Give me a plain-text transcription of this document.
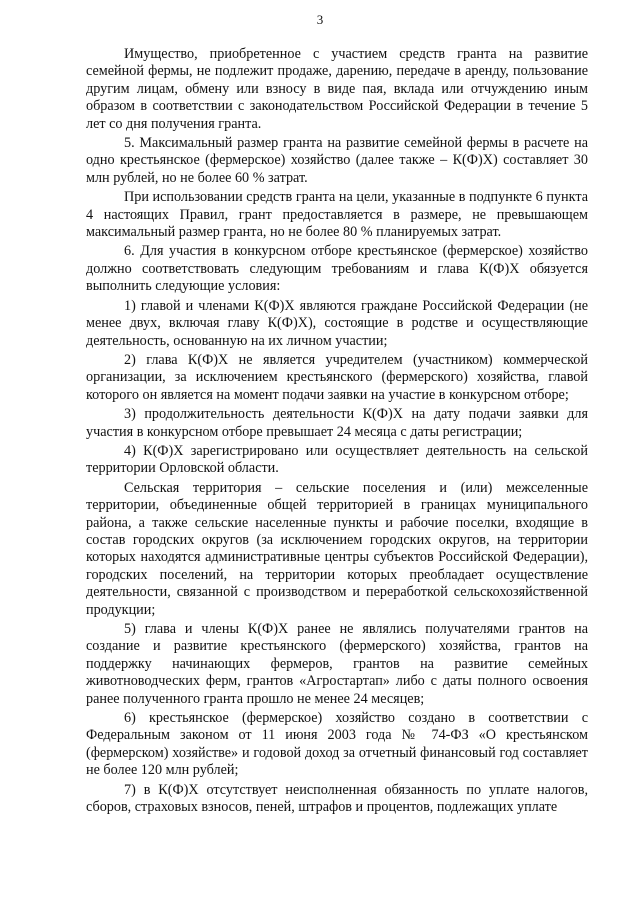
3

Имущество, приобретенное с участием средств гранта на развитие семейной фермы, не подлежит продаже, дарению, передаче в аренду, пользование другим лицам, обмену или взносу в виде пая, вклада или отчуждению иным образом в соответствии с законодательством Российской Федерации в течение 5 лет со дня получения гранта.

5. Максимальный размер гранта на развитие семейной фермы в расчете на одно крестьянское (фермерское) хозяйство (далее также – К(Ф)Х) составляет 30 млн рублей, но не более 60 % затрат.

При использовании средств гранта на цели, указанные в подпункте 6 пункта 4 настоящих Правил, грант предоставляется в размере, не превышающем максимальный размер гранта, но не более 80 % планируемых затрат.

6. Для участия в конкурсном отборе крестьянское (фермерское) хозяйство должно соответствовать следующим требованиям и глава К(Ф)Х обязуется выполнить следующие условия:

1) главой и членами К(Ф)Х являются граждане Российской Федерации (не менее двух, включая главу К(Ф)Х), состоящие в родстве и осуществляющие деятельность, основанную на их личном участии;

2) глава К(Ф)Х не является учредителем (участником) коммерческой организации, за исключением крестьянского (фермерского) хозяйства, главой которого он является на момент подачи заявки на участие в конкурсном отборе;

3) продолжительность деятельности К(Ф)Х на дату подачи заявки для участия в конкурсном отборе превышает 24 месяца с даты регистрации;

4) К(Ф)Х зарегистрировано или осуществляет деятельность на сельской территории Орловской области.

Сельская территория – сельские поселения и (или) межселенные территории, объединенные общей территорией в границах муниципального района, а также сельские населенные пункты и рабочие поселки, входящие в состав городских округов (за исключением городских округов, на территории которых находятся административные центры субъектов Российской Федерации), городских поселений, на территории которых преобладает осуществление деятельности, связанной с производством и переработкой сельскохозяйственной продукции;

5) глава и члены К(Ф)Х ранее не являлись получателями грантов на создание и развитие крестьянского (фермерского) хозяйства, грантов на поддержку начинающих фермеров, грантов на развитие семейных животноводческих ферм, грантов «Агростартап» либо с даты полного освоения ранее полученного гранта прошло не менее 24 месяцев;

6) крестьянское (фермерское) хозяйство создано в соответствии с Федеральным законом от 11 июня 2003 года № 74-ФЗ «О крестьянском (фермерском) хозяйстве» и годовой доход за отчетный финансовый год составляет не более 120 млн рублей;

7) в К(Ф)Х отсутствует неисполненная обязанность по уплате налогов, сборов, страховых взносов, пеней, штрафов и процентов, подлежащих уплате
